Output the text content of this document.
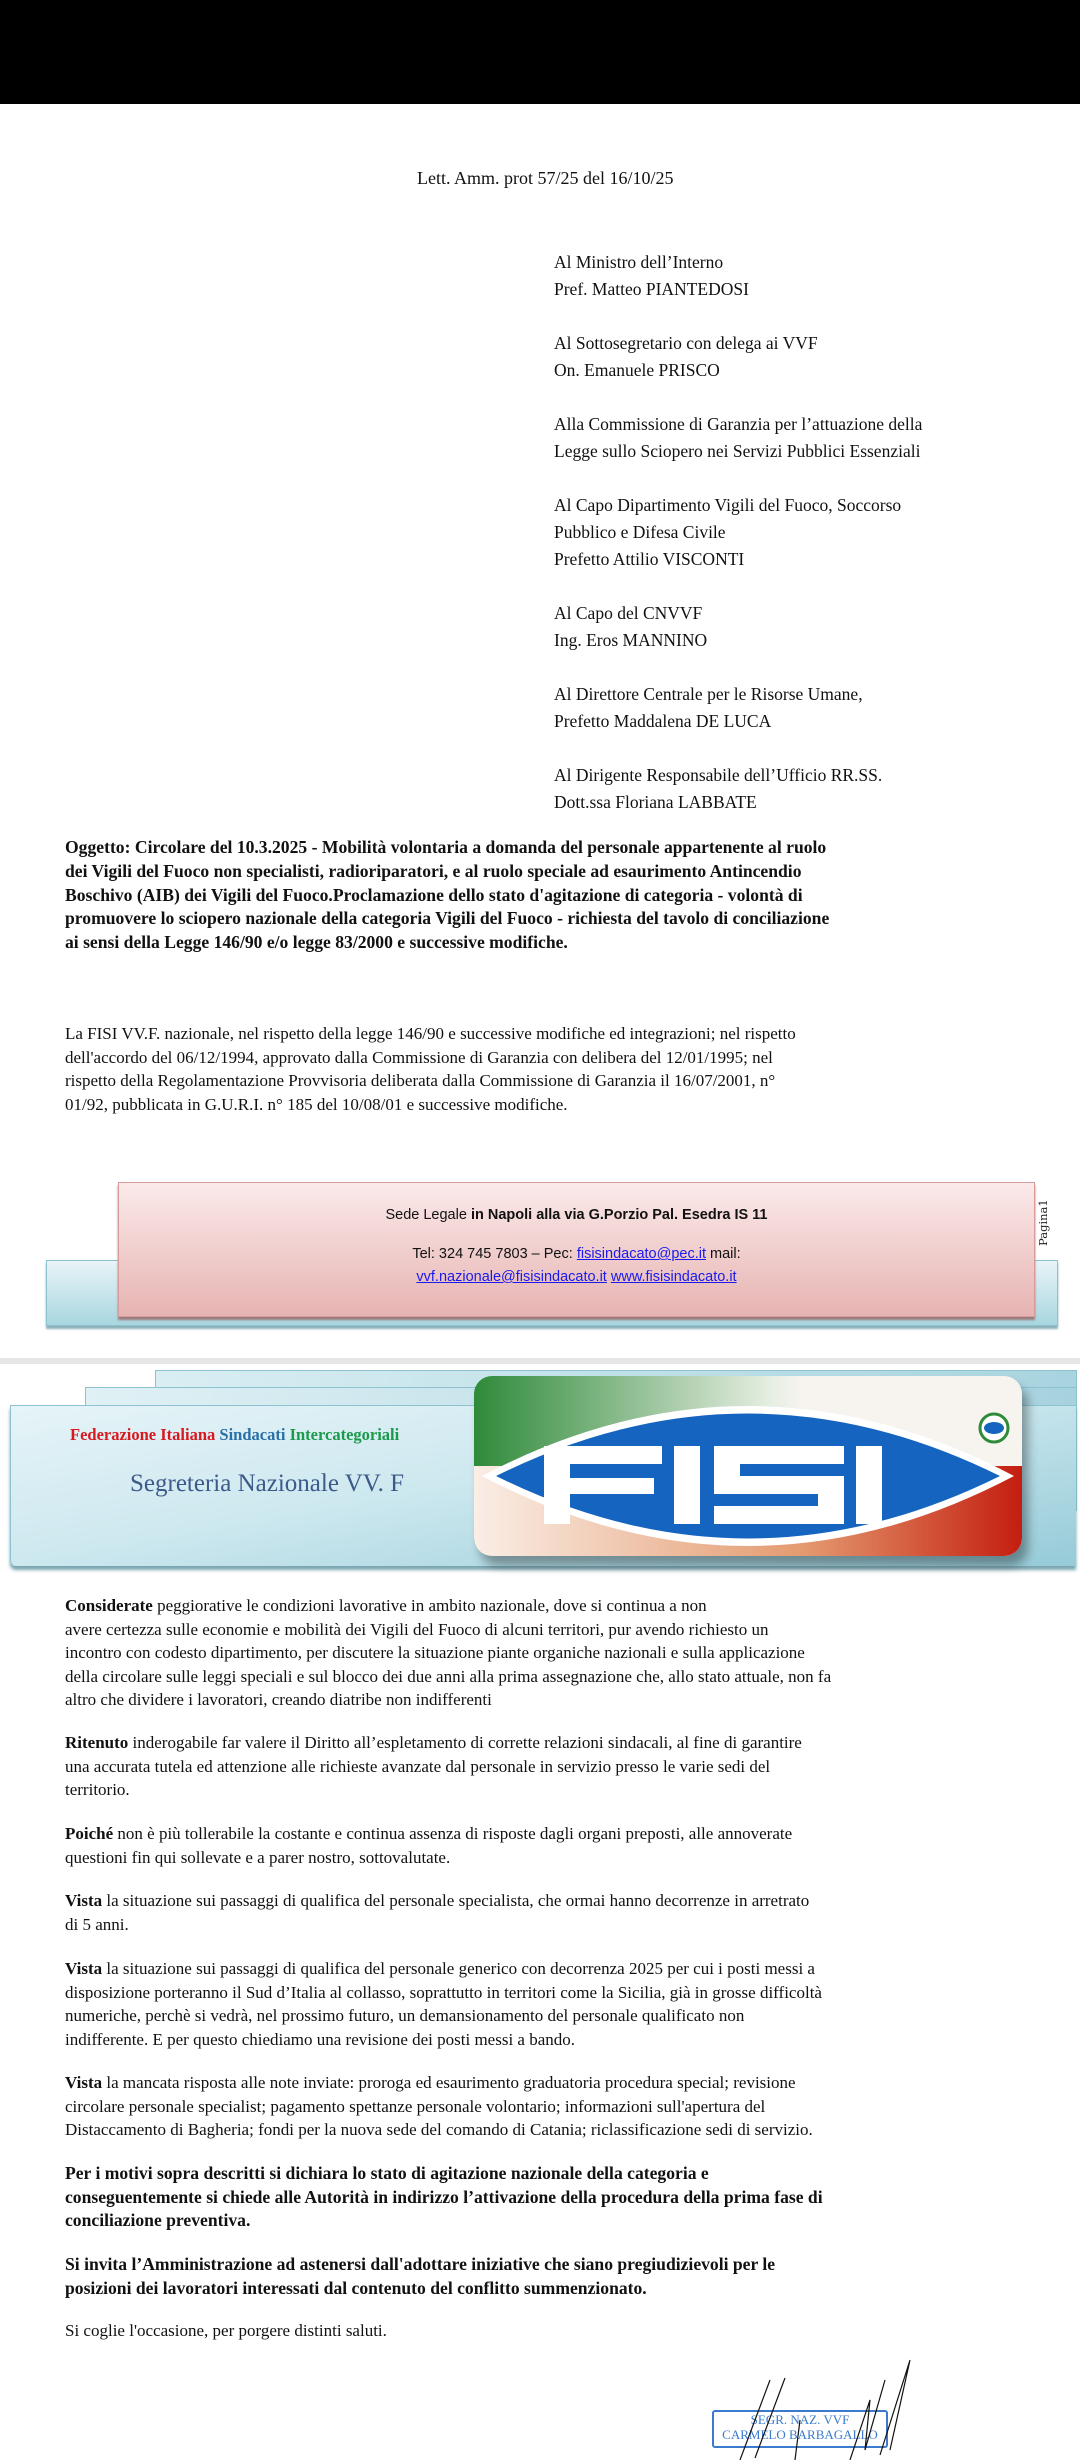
Lett. Amm. prot 57/25 del 16/10/25
Al Ministro dell’Interno
Pref. Matteo PIANTEDOSI
Al Sottosegretario con delega ai VVF
On. Emanuele PRISCO
Alla Commissione di Garanzia per l’attuazione della
Legge sullo Sciopero nei Servizi Pubblici Essenziali
Al Capo Dipartimento Vigili del Fuoco, Soccorso
Pubblico e Difesa Civile
Prefetto Attilio VISCONTI
Al Capo del CNVVF
Ing. Eros MANNINO
Al Direttore Centrale per le Risorse Umane,
Prefetto Maddalena DE LUCA
Al Dirigente Responsabile dell’Ufficio RR.SS.
Dott.ssa Floriana LABBATE
Oggetto: Circolare del 10.3.2025 - Mobilità volontaria a domanda del personale appartenente al ruolo
dei Vigili del Fuoco non specialisti, radioriparatori, e al ruolo speciale ad esaurimento Antincendio
Boschivo (AIB) dei Vigili del Fuoco.Proclamazione dello stato d'agitazione di categoria - volontà di
promuovere lo sciopero nazionale della categoria Vigili del Fuoco - richiesta del tavolo di conciliazione
ai sensi della Legge 146/90 e/o legge 83/2000 e successive modifiche.
La FISI VV.F. nazionale, nel rispetto della legge 146/90 e successive modifiche ed integrazioni; nel rispetto
dell'accordo del 06/12/1994, approvato dalla Commissione di Garanzia con delibera del 12/01/1995; nel
rispetto della Regolamentazione Provvisoria deliberata dalla Commissione di Garanzia il 16/07/2001, n°
01/92, pubblicata in G.U.R.I. n° 185 del 10/08/01 e successive modifiche.
Sede Legale in Napoli alla via G.Porzio Pal. Esedra IS 11
Tel: 324 745 7803 – Pec: fisisindacato@pec.it mail:
vvf.nazionale@fisisindacato.it www.fisisindacato.it
Pagina1
Federazione Italiana Sindacati Intercategoriali
Segreteria Nazionale VV. F
Considerate peggiorative le condizioni lavorative in ambito nazionale, dove si continua a non
avere certezza sulle economie e mobilità dei Vigili del Fuoco di alcuni territori, pur avendo richiesto un
incontro con codesto dipartimento, per discutere la situazione piante organiche nazionali e sulla applicazione
della circolare sulle leggi speciali e sul blocco dei due anni alla prima assegnazione che, allo stato attuale, non fa
altro che dividere i lavoratori, creando diatribe non indifferenti
Ritenuto inderogabile far valere il Diritto all’espletamento di corrette relazioni sindacali, al fine di garantire
una accurata tutela ed attenzione alle richieste avanzate dal personale in servizio presso le varie sedi del
territorio.
Poiché non è più tollerabile la costante e continua assenza di risposte dagli organi preposti, alle annoverate
questioni fin qui sollevate e a parer nostro, sottovalutate.
Vista la situazione sui passaggi di qualifica del personale specialista, che ormai hanno decorrenze in arretrato
di 5 anni.
Vista la situazione sui passaggi di qualifica del personale generico con decorrenza 2025 per cui i posti messi a
disposizione porteranno il Sud d’Italia al collasso, soprattutto in territori come la Sicilia, già in grosse difficoltà
numeriche, perchè si vedrà, nel prossimo futuro, un demansionamento del personale qualificato non
indifferente. E per questo chiediamo una revisione dei posti messi a bando.
Vista la mancata risposta alle note inviate: proroga ed esaurimento graduatoria procedura special; revisione
circolare personale specialist; pagamento spettanze personale volontario; informazioni sull'apertura del
Distaccamento di Bagheria; fondi per la nuova sede del comando di Catania; riclassificazione sedi di servizio.
Per i motivi sopra descritti si dichiara lo stato di agitazione nazionale della categoria e
conseguentemente si chiede alle Autorità in indirizzo l’attivazione della procedura della prima fase di
conciliazione preventiva.
Si invita l’Amministrazione ad astenersi dall'adottare iniziative che siano pregiudizievoli per le
posizioni dei lavoratori interessati dal contenuto del conflitto summenzionato.
Si coglie l'occasione, per porgere distinti saluti.
SEGR. NAZ. VVF
CARMELO BARBAGALLO
